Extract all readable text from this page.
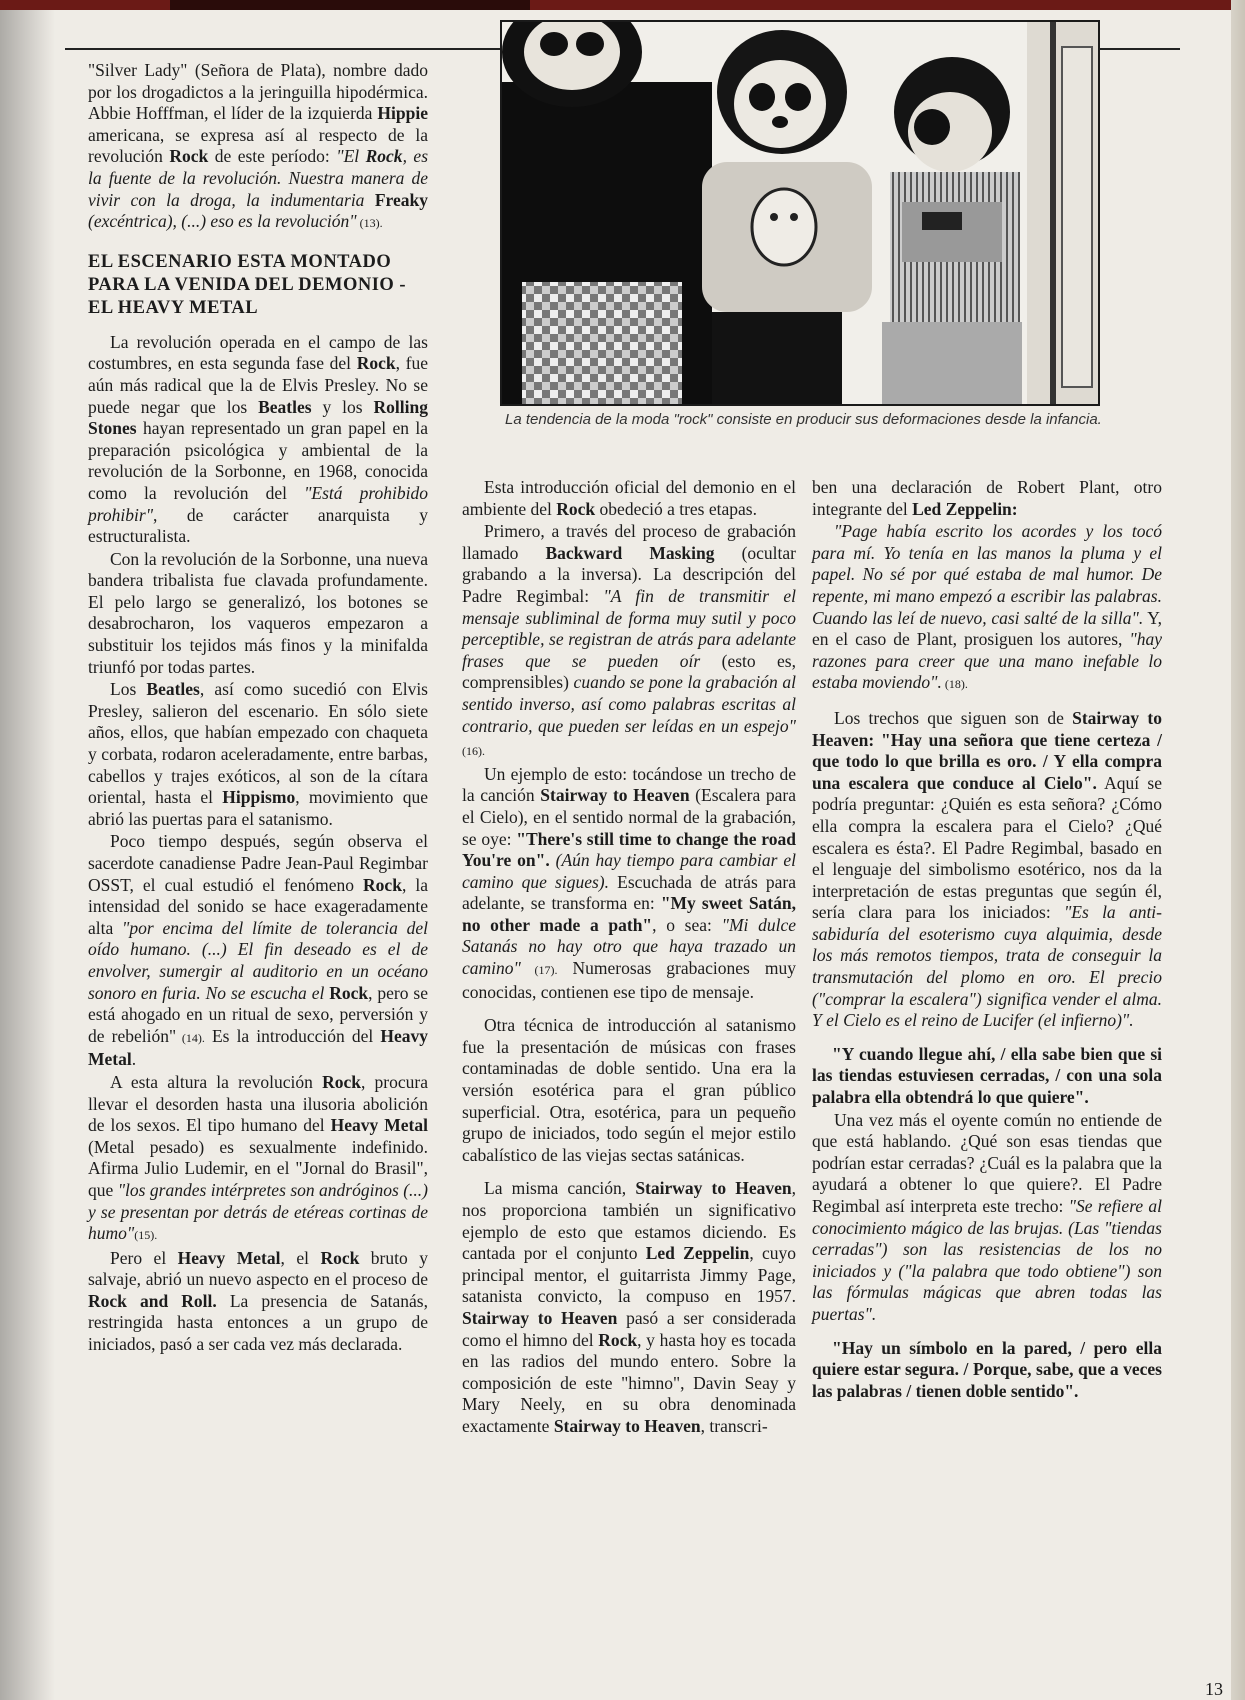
La tendencia de la moda "rock" consiste en producir sus deformaciones desde la infancia.

"Silver Lady" (Señora de Plata), nombre dado por los drogadictos a la jeringuilla hipodérmica. Abbie Hofffman, el líder de la izquierda Hippie americana, se expresa así al respecto de la revolución Rock de este período: "El Rock, es la fuente de la revolución. Nuestra manera de vivir con la droga, la indumentaria Freaky (excéntrica), (...) eso es la revolución" (13).

EL ESCENARIO ESTA MONTADO PARA LA VENIDA DEL DEMONIO - EL HEAVY METAL

La revolución operada en el campo de las costumbres, en esta segunda fase del Rock, fue aún más radical que la de Elvis Presley. No se puede negar que los Beatles y los Rolling Stones hayan representado un gran papel en la preparación psicológica y ambiental de la revolución de la Sorbonne, en 1968, conocida como la revolución del "Está prohibido prohibir", de carácter anarquista y estructuralista.

Con la revolución de la Sorbonne, una nueva bandera tribalista fue clavada profundamente. El pelo largo se generalizó, los botones se desabrocharon, los vaqueros empezaron a substituir los tejidos más finos y la minifalda triunfó por todas partes.

Los Beatles, así como sucedió con Elvis Presley, salieron del escenario. En sólo siete años, ellos, que habían empezado con chaqueta y corbata, rodaron aceleradamente, entre barbas, cabellos y trajes exóticos, al son de la cítara oriental, hasta el Hippismo, movimiento que abrió las puertas para el satanismo.

Poco tiempo después, según observa el sacerdote canadiense Padre Jean-Paul Regimbar OSST, el cual estudió el fenómeno Rock, la intensidad del sonido se hace exageradamente alta "por encima del límite de tolerancia del oído humano. (...) El fin deseado es el de envolver, sumergir al auditorio en un océano sonoro en furia. No se escucha el Rock, pero se está ahogado en un ritual de sexo, perversión y de rebelión" (14). Es la introducción del Heavy Metal.

A esta altura la revolución Rock, procura llevar el desorden hasta una ilusoria abolición de los sexos. El tipo humano del Heavy Metal (Metal pesado) es sexualmente indefinido. Afirma Julio Ludemir, en el "Jornal do Brasil", que "los grandes intérpretes son andróginos (...) y se presentan por detrás de etéreas cortinas de humo"(15).

Pero el Heavy Metal, el Rock bruto y salvaje, abrió un nuevo aspecto en el proceso de Rock and Roll. La presencia de Satanás, restringida hasta entonces a un grupo de iniciados, pasó a ser cada vez más declarada.

Esta introducción oficial del demonio en el ambiente del Rock obedeció a tres etapas.

Primero, a través del proceso de grabación llamado Backward Masking (ocultar grabando a la inversa). La descripción del Padre Regimbal: "A fin de transmitir el mensaje subliminal de forma muy sutil y poco perceptible, se registran de atrás para adelante frases que se pueden oír (esto es, comprensibles) cuando se pone la grabación al sentido inverso, así como palabras escritas al contrario, que pueden ser leídas en un espejo" (16).

Un ejemplo de esto: tocándose un trecho de la canción Stairway to Heaven (Escalera para el Cielo), en el sentido normal de la grabación, se oye: "There's still time to change the road You're on". (Aún hay tiempo para cambiar el camino que sigues). Escuchada de atrás para adelante, se transforma en: "My sweet Satán, no other made a path", o sea: "Mi dulce Satanás no hay otro que haya trazado un camino" (17). Numerosas grabaciones muy conocidas, contienen ese tipo de mensaje.

Otra técnica de introducción al satanismo fue la presentación de músicas con frases contaminadas de doble sentido. Una era la versión esotérica para el gran público superficial. Otra, esotérica, para un pequeño grupo de iniciados, todo según el mejor estilo cabalístico de las viejas sectas satánicas.

La misma canción, Stairway to Heaven, nos proporciona también un significativo ejemplo de esto que estamos diciendo. Es cantada por el conjunto Led Zeppelin, cuyo principal mentor, el guitarrista Jimmy Page, satanista convicto, la compuso en 1957. Stairway to Heaven pasó a ser considerada como el himno del Rock, y hasta hoy es tocada en las radios del mundo entero. Sobre la composición de este "himno", Davin Seay y Mary Neely, en su obra denominada exactamente Stairway to Heaven, transcri-

ben una declaración de Robert Plant, otro integrante del Led Zeppelin:

"Page había escrito los acordes y los tocó para mí. Yo tenía en las manos la pluma y el papel. No sé por qué estaba de mal humor. De repente, mi mano empezó a escribir las palabras. Cuando las leí de nuevo, casi salté de la silla". Y, en el caso de Plant, prosiguen los autores, "hay razones para creer que una mano inefable lo estaba moviendo". (18).

Los trechos que siguen son de Stairway to Heaven: "Hay una señora que tiene certeza / que todo lo que brilla es oro. / Y ella compra una escalera que conduce al Cielo". Aquí se podría preguntar: ¿Quién es esta señora? ¿Cómo ella compra la escalera para el Cielo? ¿Qué escalera es ésta?. El Padre Regimbal, basado en el lenguaje del simbolismo esotérico, nos da la interpretación de estas preguntas que según él, sería clara para los iniciados: "Es la anti-sabiduría del esoterismo cuya alquimia, desde los más remotos tiempos, trata de conseguir la transmutación del plomo en oro. El precio ("comprar la escalera") significa vender el alma. Y el Cielo es el reino de Lucifer (el infierno)".

"Y cuando llegue ahí, / ella sabe bien que si las tiendas estuviesen cerradas, / con una sola palabra ella obtendrá lo que quiere".

Una vez más el oyente común no entiende de que está hablando. ¿Qué son esas tiendas que podrían estar cerradas? ¿Cuál es la palabra que la ayudará a obtener lo que quiere?. El Padre Regimbal así interpreta este trecho: "Se refiere al conocimiento mágico de las brujas. (Las "tiendas cerradas") son las resistencias de los no iniciados y ("la palabra que todo obtiene") son las fórmulas mágicas que abren todas las puertas".

"Hay un símbolo en la pared, / pero ella quiere estar segura. / Porque, sabe, que a veces las palabras / tienen doble sentido".

13
